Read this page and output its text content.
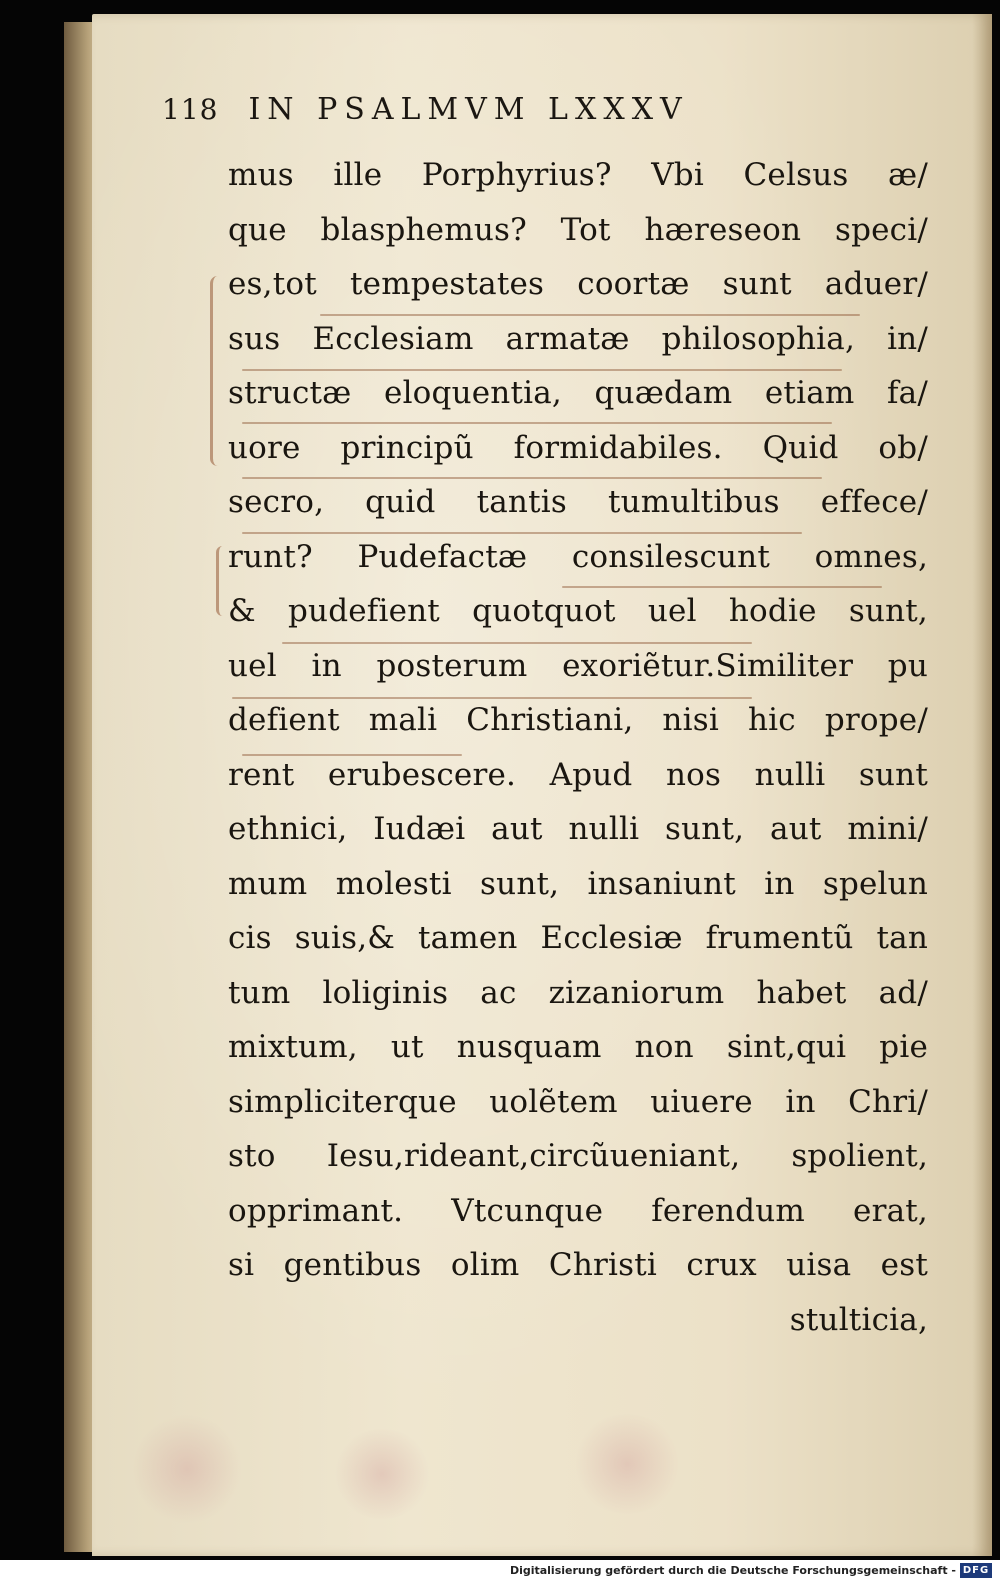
118 IN PSALMVM LXXXV
mus ille Porphyrius? Vbi Celsus æ/
que blasphemus? Tot hæreseon speci/
es,tot tempestates coortæ sunt aduer/
sus Ecclesiam armatæ philosophia, in/
structæ eloquentia, quædam etiam fa/
uore principũ formidabiles. Quid ob/
secro, quid tantis tumultibus effece/
runt? Pudefactæ consilescunt omnes,
& pudefient quotquot uel hodie sunt,
uel in posterum exoriẽtur.Similiter pu
defient mali Christiani, nisi hic prope/
rent erubescere. Apud nos nulli sunt
ethnici, Iudæi aut nulli sunt, aut mini/
mum molesti sunt, insaniunt in spelun
cis suis,& tamen Ecclesiæ frumentũ tan
tum loliginis ac zizaniorum habet ad/
mixtum, ut nusquam non sint,qui pie
simpliciterque uolẽtem uiuere in Chri/
sto Iesu,rideant,circũueniant, spolient,
opprimant. Vtcunque ferendum erat,
si gentibus olim Christi crux uisa est
stulticia,
Digitalisierung gefördert durch die Deutsche Forschungsgemeinschaft - DFG
